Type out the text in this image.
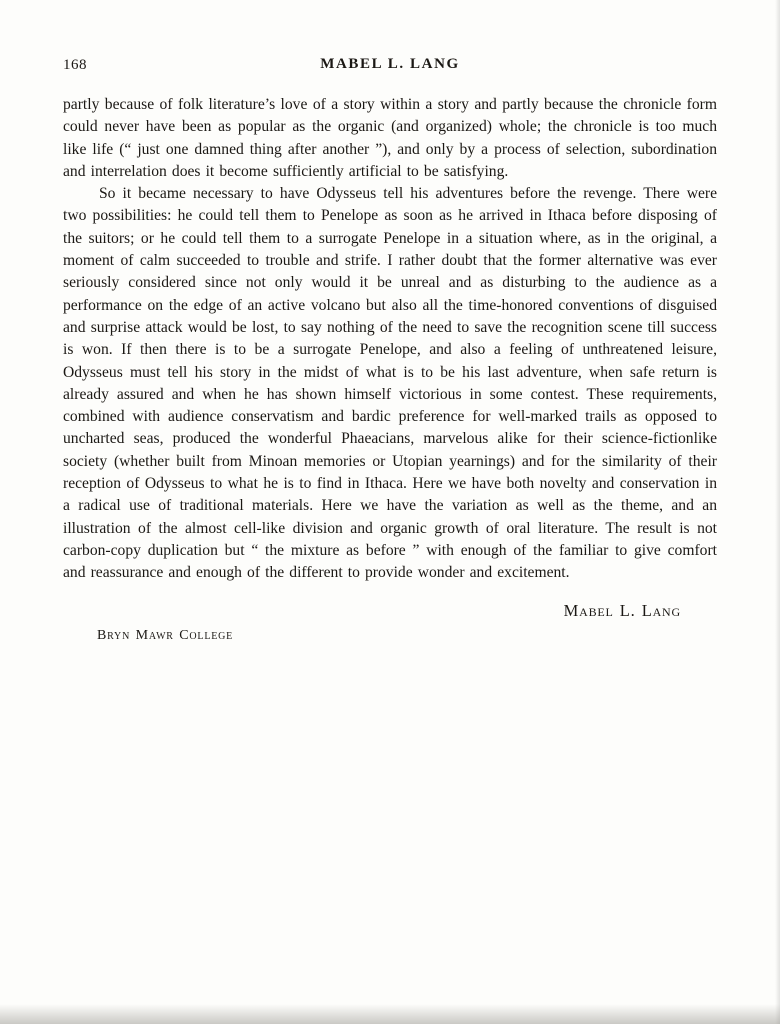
168	MABEL L. LANG

partly because of folk literature’s love of a story within a story and partly because the chronicle form could never have been as popular as the organic (and organized) whole; the chronicle is too much like life (“ just one damned thing after another ”), and only by a process of selection, subordination and interrelation does it become sufficiently artificial to be satisfying.

So it became necessary to have Odysseus tell his adventures before the revenge. There were two possibilities: he could tell them to Penelope as soon as he arrived in Ithaca before disposing of the suitors; or he could tell them to a surrogate Penelope in a situation where, as in the original, a moment of calm succeeded to trouble and strife. I rather doubt that the former alternative was ever seriously considered since not only would it be unreal and as disturbing to the audience as a performance on the edge of an active volcano but also all the time-honored conventions of disguised and surprise attack would be lost, to say nothing of the need to save the recognition scene till success is won. If then there is to be a surrogate Penelope, and also a feeling of unthreatened leisure, Odysseus must tell his story in the midst of what is to be his last adventure, when safe return is already assured and when he has shown himself victorious in some contest. These requirements, combined with audience conservatism and bardic preference for well-marked trails as opposed to uncharted seas, produced the wonderful Phaeacians, marvelous alike for their science-fictionlike society (whether built from Minoan memories or Utopian yearnings) and for the similarity of their reception of Odysseus to what he is to find in Ithaca. Here we have both novelty and conservation in a radical use of traditional materials. Here we have the variation as well as the theme, and an illustration of the almost cell-like division and organic growth of oral literature. The result is not carbon-copy duplication but “ the mixture as before ” with enough of the familiar to give comfort and reassurance and enough of the different to provide wonder and excitement.

Mabel L. Lang
Bryn Mawr College
